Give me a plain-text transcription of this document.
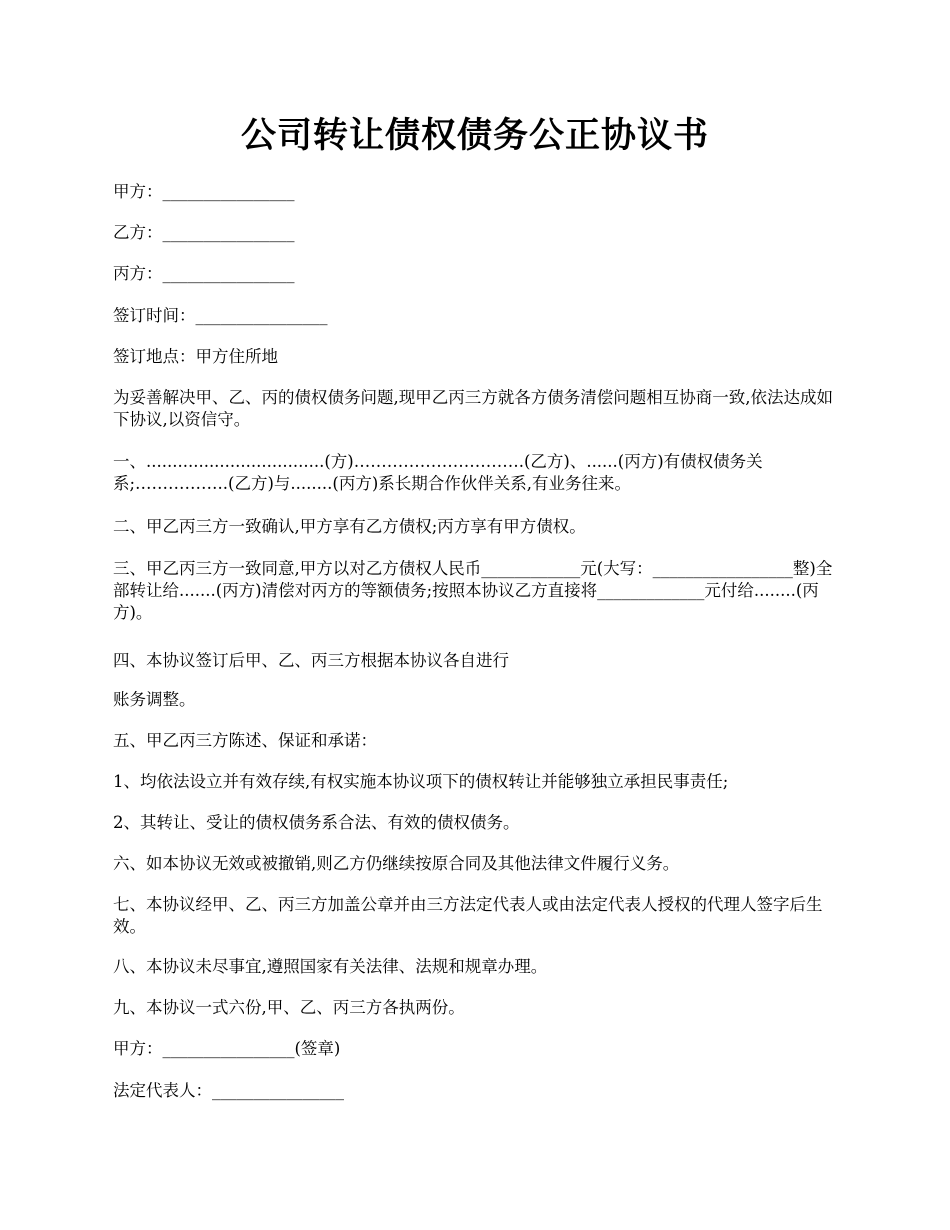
公司转让债权债务公正协议书
甲方：________________
乙方：________________
丙方：________________
签订时间：________________
签订地点：甲方住所地
为妥善解决甲、乙、丙的债权债务问题,现甲乙丙三方就各方债务清偿问题相互协商一致,依法达成如下协议,以资信守。
一、..................................(方)………………………….(乙方)、......(丙方)有债权债务关系;……………..(乙方)与........(丙方)系长期合作伙伴关系,有业务往来。
二、甲乙丙三方一致确认,甲方享有乙方债权;丙方享有甲方债权。
三、甲乙丙三方一致同意,甲方以对乙方债权人民币____________元(大写：_________________整)全部转让给.......(丙方)清偿对丙方的等额债务;按照本协议乙方直接将_____________元付给........(丙方)。
四、本协议签订后甲、乙、丙三方根据本协议各自进行
账务调整。
五、甲乙丙三方陈述、保证和承诺：
1、均依法设立并有效存续,有权实施本协议项下的债权转让并能够独立承担民事责任;
2、其转让、受让的债权债务系合法、有效的债权债务。
六、如本协议无效或被撤销,则乙方仍继续按原合同及其他法律文件履行义务。
七、本协议经甲、乙、丙三方加盖公章并由三方法定代表人或由法定代表人授权的代理人签字后生效。
八、本协议未尽事宜,遵照国家有关法律、法规和规章办理。
九、本协议一式六份,甲、乙、丙三方各执两份。
甲方：________________(签章)
法定代表人：________________
